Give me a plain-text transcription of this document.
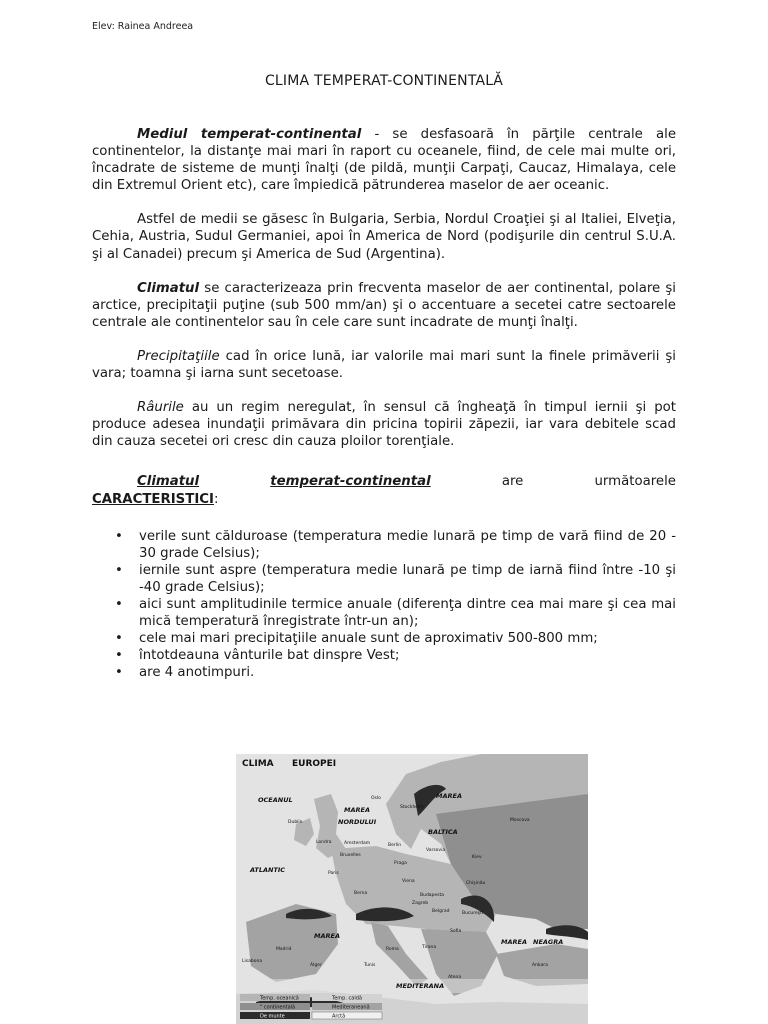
Elev: Rainea Andreea
CLIMA TEMPERAT-CONTINENTALĂ

Mediul temperat-continental - se desfasoară în părţile centrale ale continentelor, la distanţe mai mari în raport cu oceanele, fiind, de cele mai multe ori, încadrate de sisteme de munţi înalţi (de pildă, munţii Carpaţi, Caucaz, Himalaya, cele din Extremul Orient etc), care împiedică pătrunderea maselor de aer oceanic.

Astfel de medii se găsesc în Bulgaria, Serbia, Nordul Croaţiei şi al Italiei, Elveţia, Cehia, Austria, Sudul Germaniei, apoi în America de Nord (podişurile din centrul S.U.A. şi al Canadei) precum şi America de Sud (Argentina).

Climatul se caracterizeaza prin frecventa maselor de aer continental, polare şi arctice, precipitaţii puţine (sub 500 mm/an) şi o accentuare a secetei catre sectoarele centrale ale continentelor sau în cele care sunt incadrate de munţi înalţi.

Precipitaţiile cad în orice lună, iar valorile mai mari sunt la finele primăverii şi vara; toamna şi iarna sunt secetoase.

Râurile au un regim neregulat, în sensul că îngheaţă în timpul iernii şi pot produce adesea inundaţii primăvara din pricina topirii zăpezii, iar vara debitele scad din cauza secetei ori cresc din cauza ploilor torenţiale.

Climatul	temperat-continental	are	următoarele
CARACTERISTICI:
• verile sunt călduroase (temperatura medie lunară pe timp de vară fiind de 20 - 30 grade Celsius);
• iernile sunt aspre (temperatura medie lunară pe timp de iarnă fiind între -10 şi -40 grade Celsius);
• aici sunt amplitudinile termice anuale (diferenţa dintre cea mai mare şi cea mai mică temperatură înregistrate într-un an);
• cele mai mari precipitaţiile anuale sunt de aproximativ 500-800 mm;
• întotdeauna vânturile bat dinspre Vest;
• are 4 anotimpuri.
CLIMA EUROPEI
OCEANUL
ATLANTIC
MAREA
NORDULUI
MAREA
BALTICA
MAREA NEAGRA
MAREA
MEDITERANA
Dublin
Londra	Amsterdam
Bruxelles
Paris
Berlin
Varsovia
Praga
Berna
Viena
Budapesta
Roma
Madrid
Lisabona
Stockholm
Oslo
Moscova
Kiev
Chişinău
Bucureşti
Sofia
Atena
Ankara
Belgrad
Zagreb
Tirana
Alger	Tunis
Temp. oceanică	Temp. caldă
" continentală	Mediteraneană
De munte	Arctă
